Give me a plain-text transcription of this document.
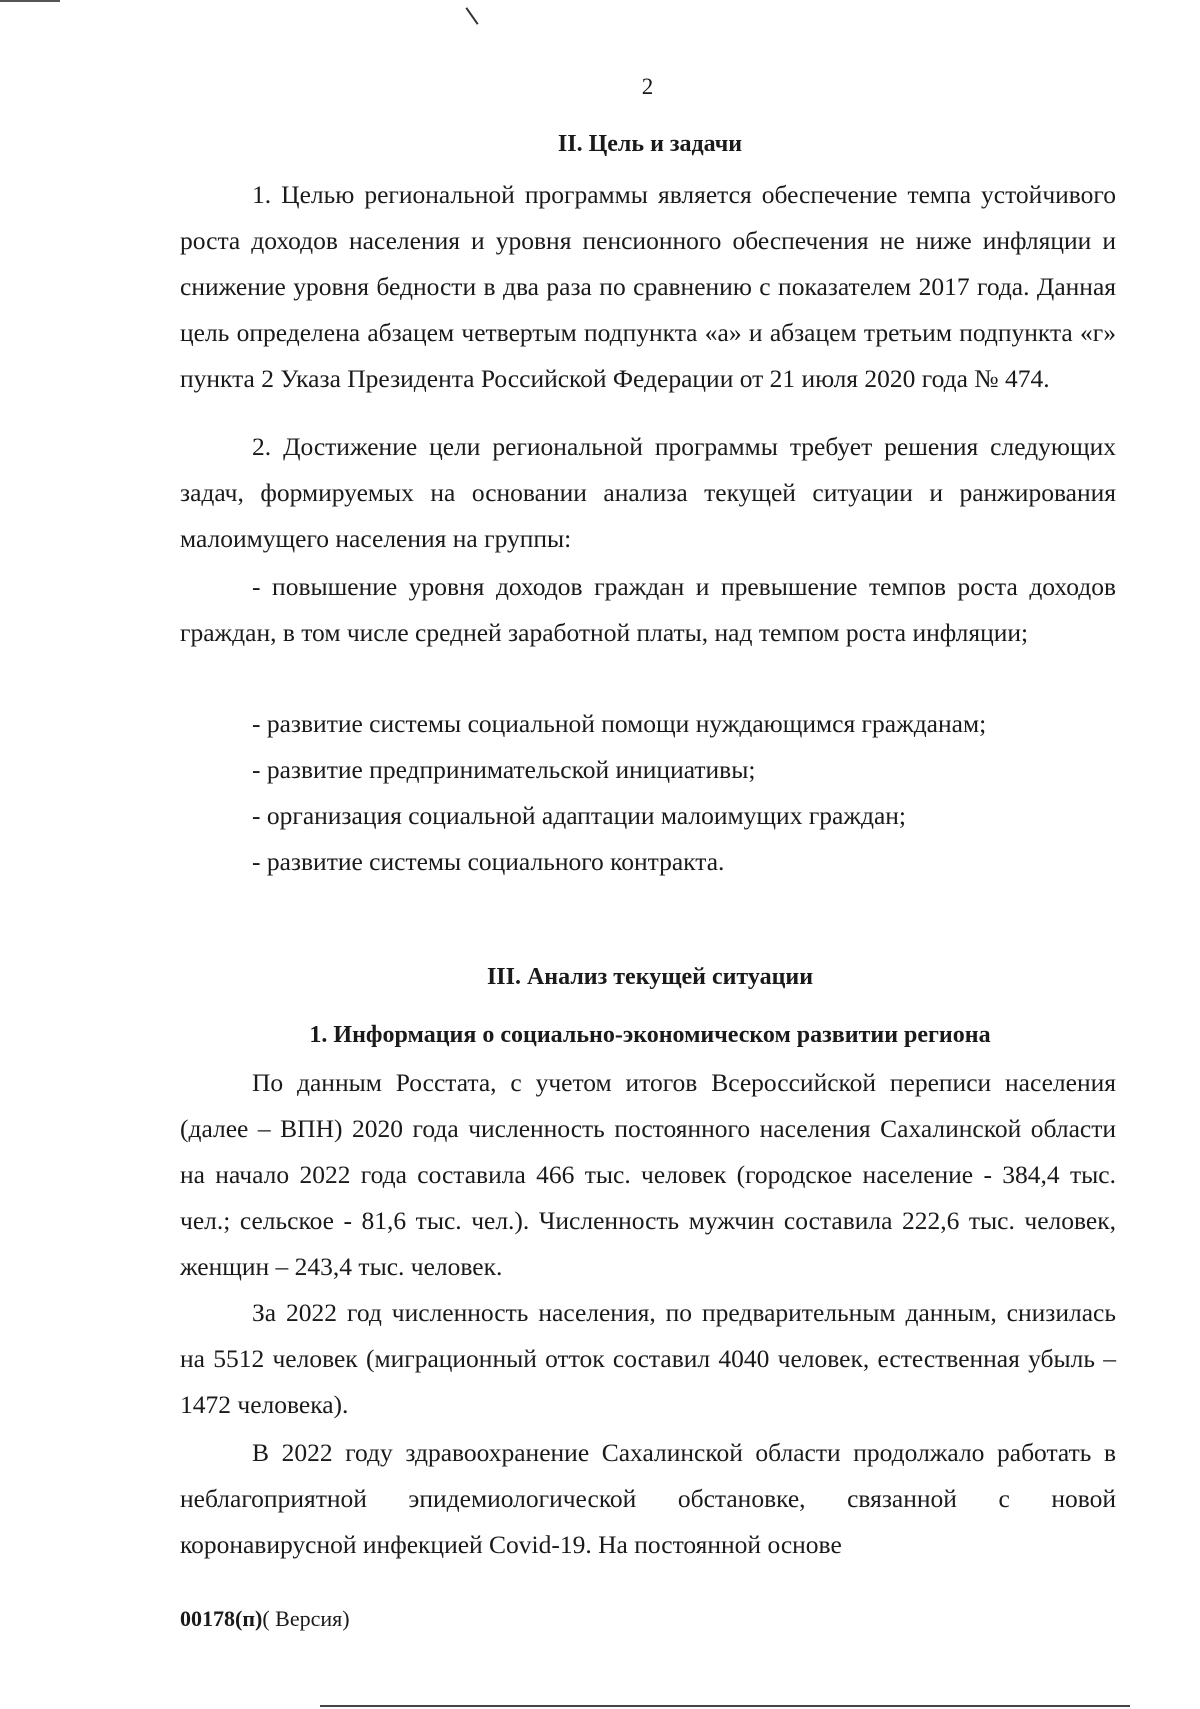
2
II. Цель и задачи

1. Целью региональной программы является обеспечение темпа устойчивого роста доходов населения и уровня пенсионного обеспечения не ниже инфляции и снижение уровня бедности в два раза по сравнению с показателем 2017 года. Данная цель определена абзацем четвертым подпункта «а» и абзацем третьим подпункта «г» пункта 2 Указа Президента Российской Федерации от 21 июля 2020 года № 474.

2. Достижение цели региональной программы требует решения следующих задач, формируемых на основании анализа текущей ситуации и ранжирования малоимущего населения на группы:

- повышение уровня доходов граждан и превышение темпов роста доходов граждан, в том числе средней заработной платы, над темпом роста инфляции;

- развитие системы социальной помощи нуждающимся гражданам;

- развитие предпринимательской инициативы;

- организация социальной адаптации малоимущих граждан;

- развитие системы социального контракта.

III. Анализ текущей ситуации
1. Информация о социально-экономическом развитии региона

По данным Росстата, с учетом итогов Всероссийской переписи населения (далее – ВПН) 2020 года численность постоянного населения Сахалинской области на начало 2022 года составила 466 тыс. человек (городское население - 384,4 тыс. чел.; сельское - 81,6 тыс. чел.). Численность мужчин составила 222,6 тыс. человек, женщин – 243,4 тыс. человек.

За 2022 год численность населения, по предварительным данным, снизилась на 5512 человек (миграционный отток составил 4040 человек, естественная убыль – 1472 человека).

В 2022 году здравоохранение Сахалинской области продолжало работать в неблагоприятной эпидемиологической обстановке, связанной с новой коронавирусной инфекцией Covid-19. На постоянной основе

00178(п)( Версия)
